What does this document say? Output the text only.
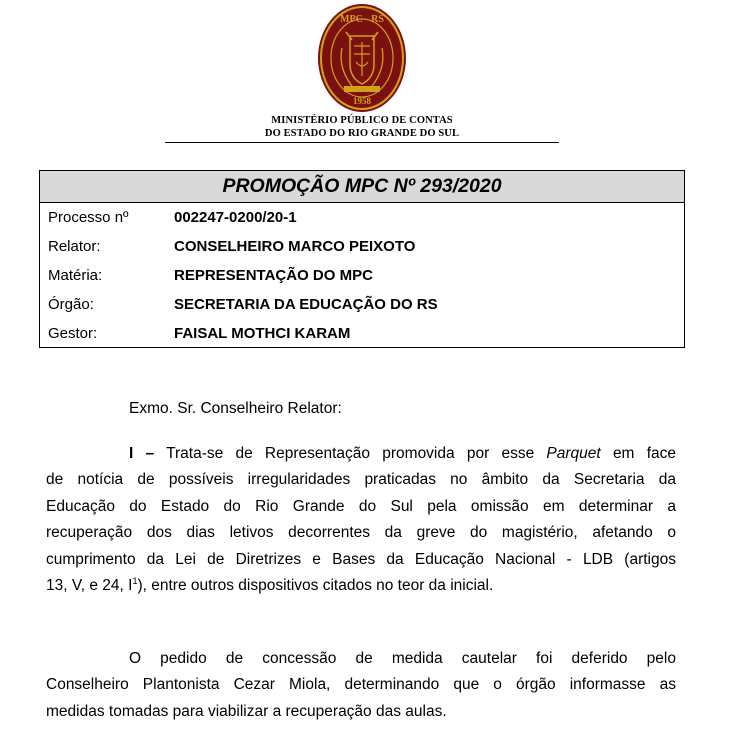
MPC - RS
1958
MINISTÉRIO PÚBLICO DE CONTAS
DO ESTADO DO RIO GRANDE DO SUL
PROMOÇÃO MPC Nº 293/2020
Processo nº	002247-0200/20-1
Relator:	CONSELHEIRO MARCO PEIXOTO
Matéria:	REPRESENTAÇÃO DO MPC
Órgão:	SECRETARIA DA EDUCAÇÃO DO RS
Gestor:	FAISAL MOTHCI KARAM
Exmo. Sr. Conselheiro Relator:
I – Trata-se de Representação promovida por esse Parquet em face
de notícia de possíveis irregularidades praticadas no âmbito da Secretaria da
Educação do Estado do Rio Grande do Sul pela omissão em determinar a
recuperação dos dias letivos decorrentes da greve do magistério, afetando o
cumprimento da Lei de Diretrizes e Bases da Educação Nacional - LDB (artigos
13, V, e 24, $I^1$), entre outros dispositivos citados no teor da inicial.
O pedido de concessão de medida cautelar foi deferido pelo
Conselheiro Plantonista Cezar Miola, determinando que o órgão informasse as
medidas tomadas para viabilizar a recuperação das aulas.
